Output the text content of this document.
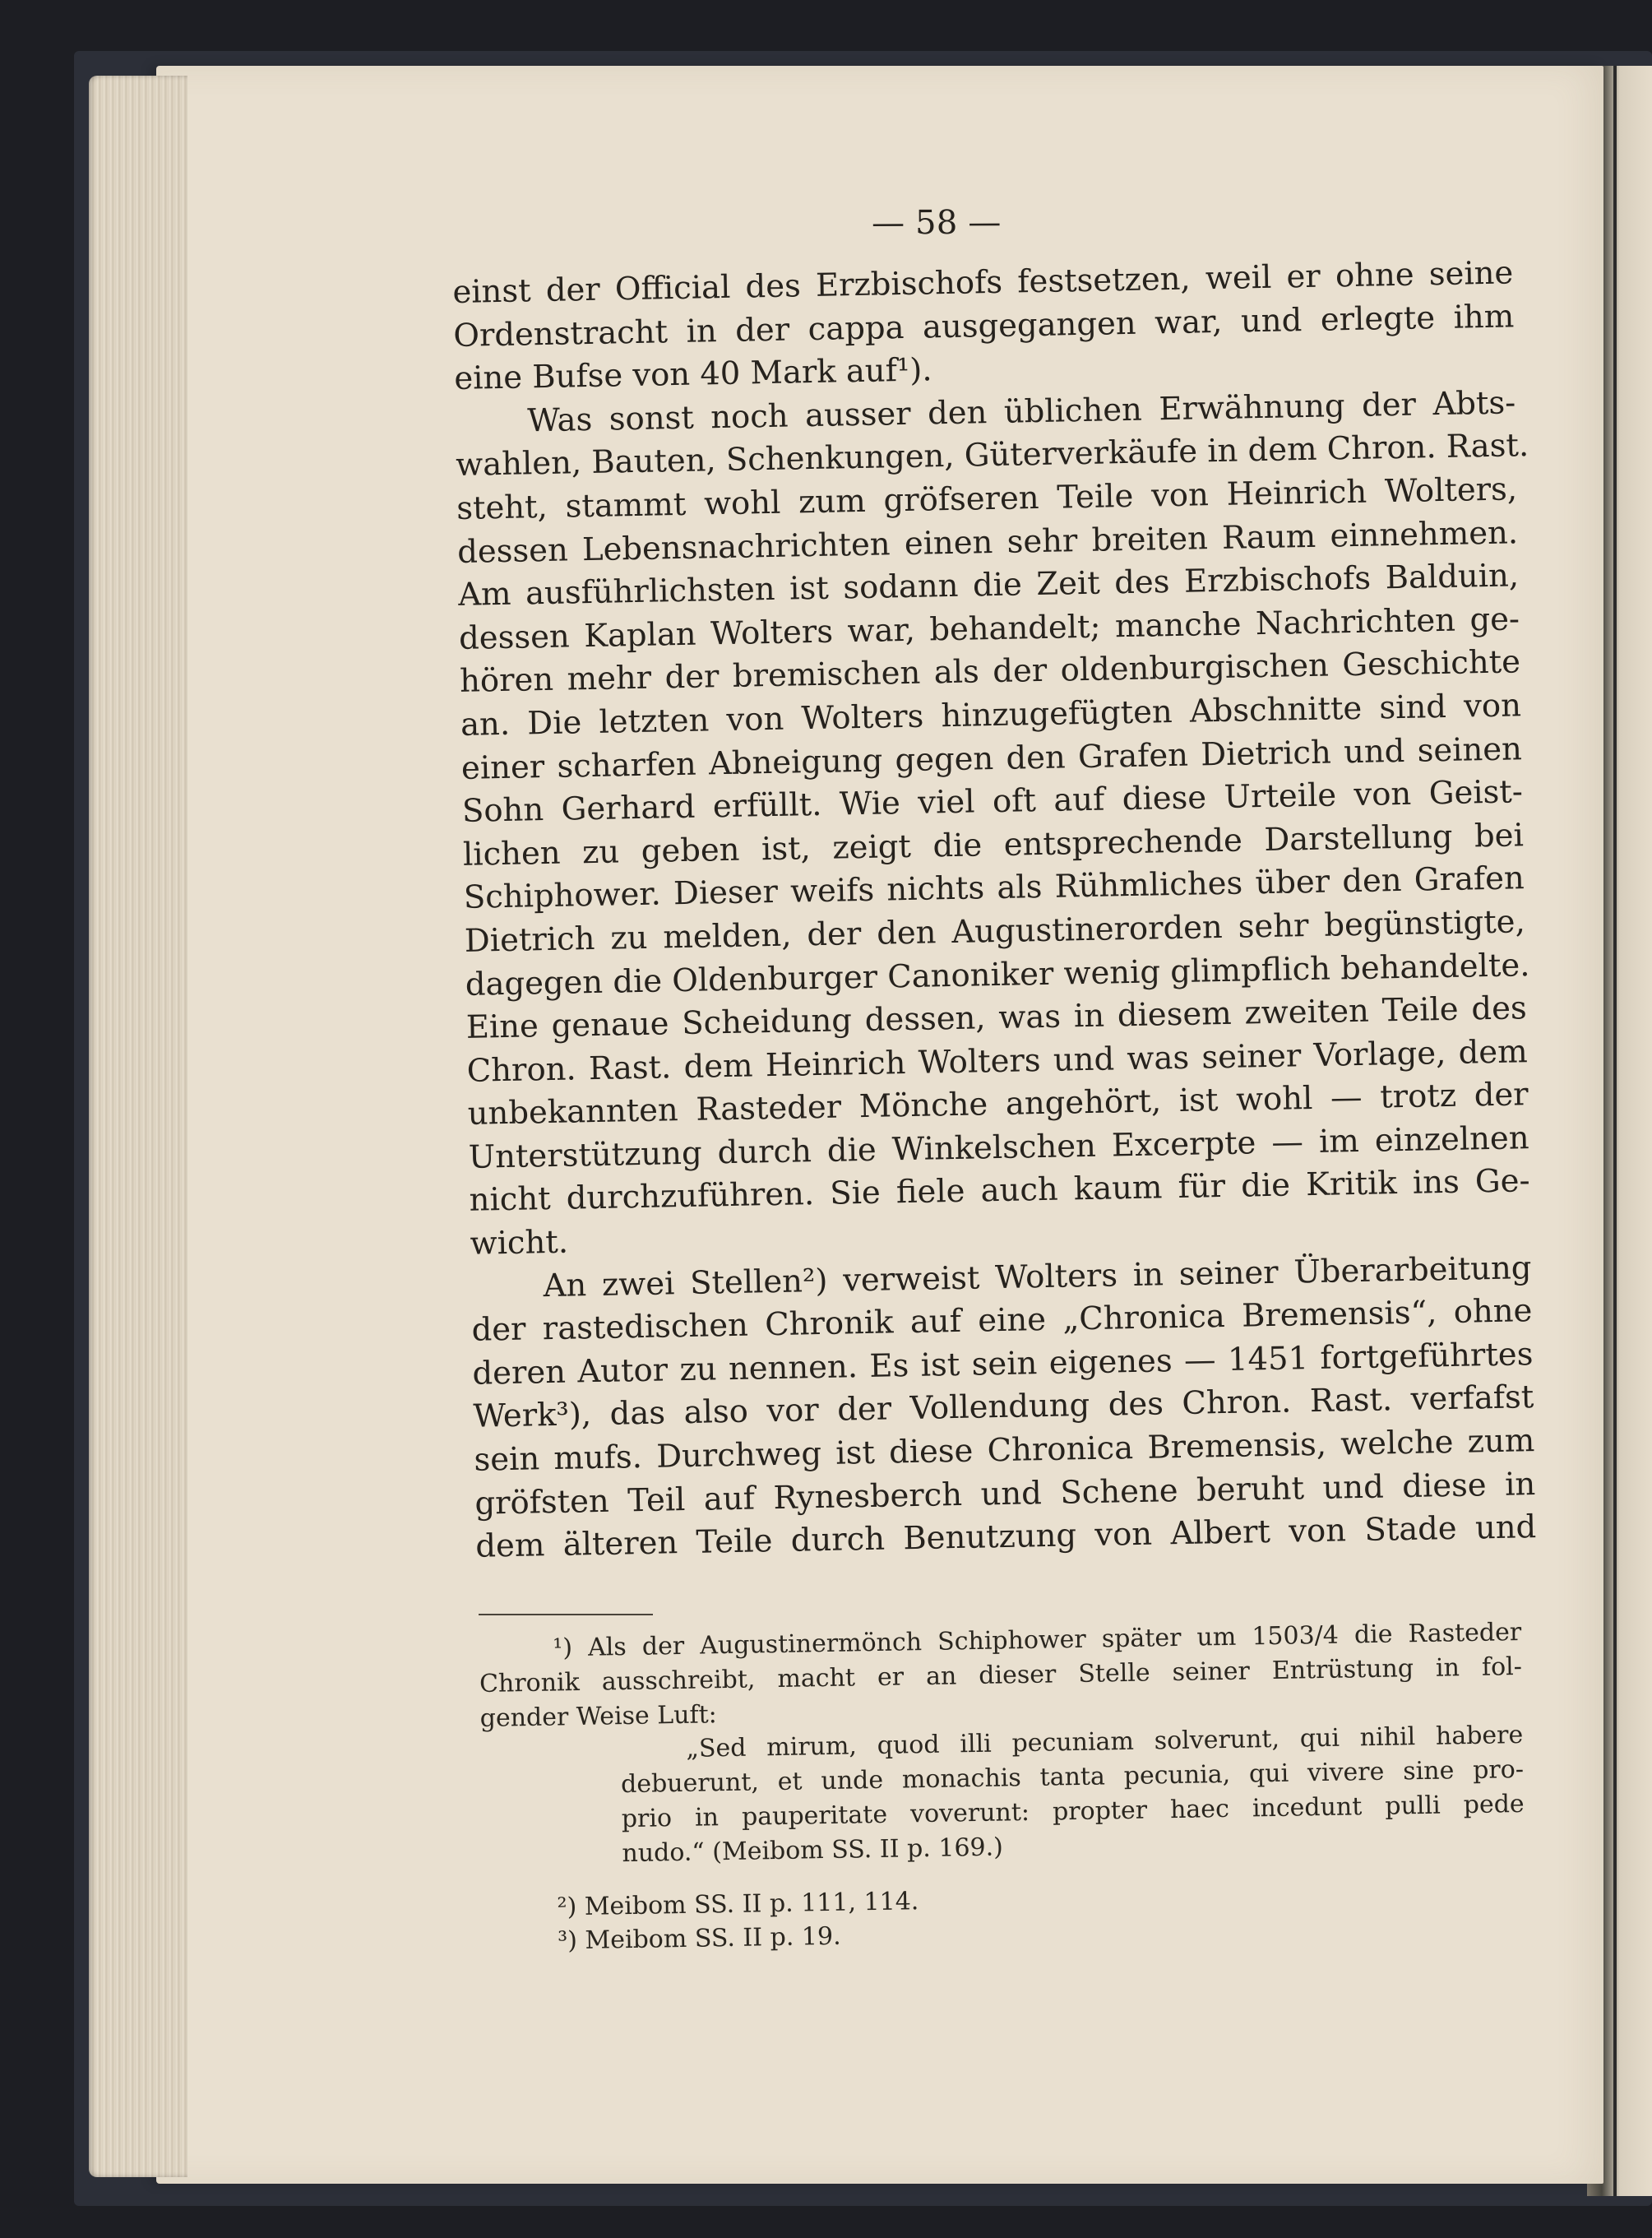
— 58 —
einst der Official des Erzbischofs festsetzen, weil er ohne seine
Ordenstracht in der cappa ausgegangen war, und erlegte ihm
eine Bufse von 40 Mark auf¹).
Was sonst noch ausser den üblichen Erwähnung der Abts-
wahlen, Bauten, Schenkungen, Güterverkäufe in dem Chron. Rast.
steht, stammt wohl zum gröfseren Teile von Heinrich Wolters,
dessen Lebensnachrichten einen sehr breiten Raum einnehmen.
Am ausführlichsten ist sodann die Zeit des Erzbischofs Balduin,
dessen Kaplan Wolters war, behandelt; manche Nachrichten ge-
hören mehr der bremischen als der oldenburgischen Geschichte
an. Die letzten von Wolters hinzugefügten Abschnitte sind von
einer scharfen Abneigung gegen den Grafen Dietrich und seinen
Sohn Gerhard erfüllt. Wie viel oft auf diese Urteile von Geist-
lichen zu geben ist, zeigt die entsprechende Darstellung bei
Schiphower. Dieser weifs nichts als Rühmliches über den Grafen
Dietrich zu melden, der den Augustinerorden sehr begünstigte,
dagegen die Oldenburger Canoniker wenig glimpflich behandelte.
Eine genaue Scheidung dessen, was in diesem zweiten Teile des
Chron. Rast. dem Heinrich Wolters und was seiner Vorlage, dem
unbekannten Rasteder Mönche angehört, ist wohl — trotz der
Unterstützung durch die Winkelschen Excerpte — im einzelnen
nicht durchzuführen. Sie fiele auch kaum für die Kritik ins Ge-
wicht.
An zwei Stellen²) verweist Wolters in seiner Überarbeitung
der rastedischen Chronik auf eine „Chronica Bremensis“, ohne
deren Autor zu nennen. Es ist sein eigenes — 1451 fortgeführtes
Werk³), das also vor der Vollendung des Chron. Rast. verfafst
sein mufs. Durchweg ist diese Chronica Bremensis, welche zum
gröfsten Teil auf Rynesberch und Schene beruht und diese in
dem älteren Teile durch Benutzung von Albert von Stade und
¹) Als der Augustinermönch Schiphower später um 1503/4 die Rasteder
Chronik ausschreibt, macht er an dieser Stelle seiner Entrüstung in fol-
gender Weise Luft:
„Sed mirum, quod illi pecuniam solverunt, qui nihil habere
debuerunt, et unde monachis tanta pecunia, qui vivere sine pro-
prio in pauperitate voverunt: propter haec incedunt pulli pede
nudo.“ (Meibom SS. II p. 169.)
²) Meibom SS. II p. 111, 114.
³) Meibom SS. II p. 19.
